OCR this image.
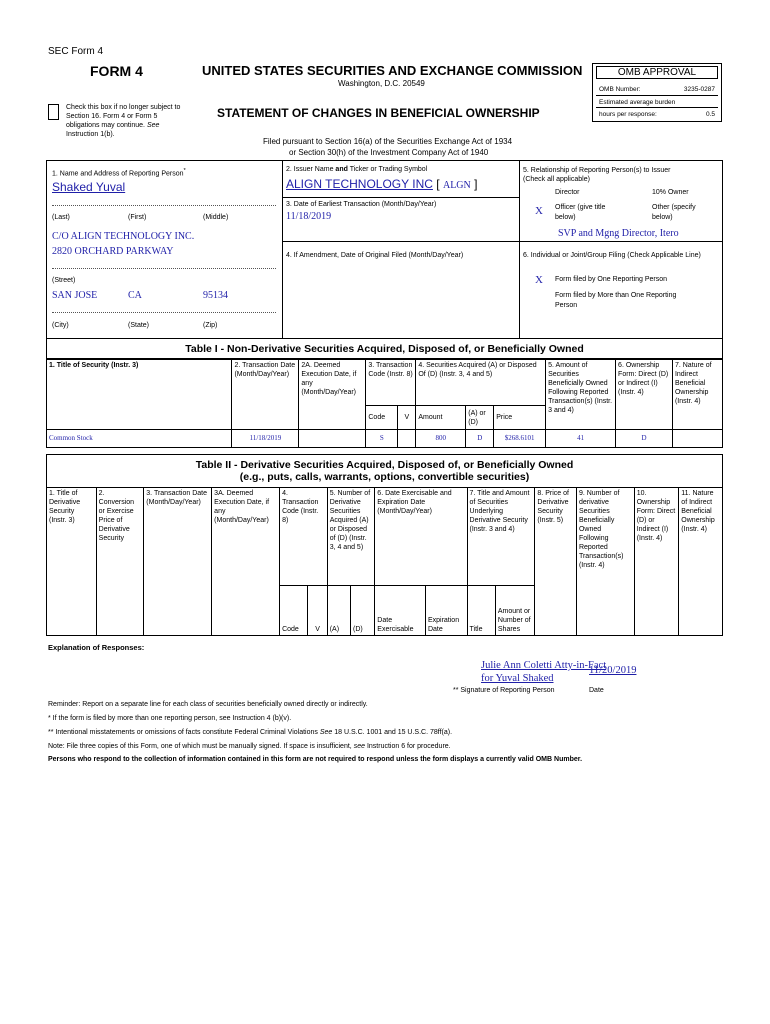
SEC Form 4
FORM 4	UNITED STATES SECURITIES AND EXCHANGE COMMISSION
Washington, D.C. 20549
Check this box if no longer subject to
Section 16. Form 4 or Form 5
obligations may continue. See
Instruction 1(b).
STATEMENT OF CHANGES IN BENEFICIAL OWNERSHIP
Filed pursuant to Section 16(a) of the Securities Exchange Act of 1934
or Section 30(h) of the Investment Company Act of 1940
OMB APPROVAL
OMB Number:	3235-0287
Estimated average burden
hours per response:	0.5
1. Name and Address of Reporting Person*
Shaked Yuval
(Last)	(First)	(Middle)
C/O ALIGN TECHNOLOGY INC.
2820 ORCHARD PARKWAY
(Street)
SAN JOSE	CA	95134
(City)	(State)	(Zip)
2. Issuer Name and Ticker or Trading Symbol
ALIGN TECHNOLOGY INC [ ALGN ]
3. Date of Earliest Transaction (Month/Day/Year)
11/18/2019
4. If Amendment, Date of Original Filed (Month/Day/Year)
5. Relationship of Reporting Person(s) to Issuer
(Check all applicable)
Director	10% Owner
X Officer (give title
below)
Other (specify
below)
SVP and Mgng Director, Itero
6. Individual or Joint/Group Filing (Check Applicable Line)
X Form filed by One Reporting Person
Form filed by More than One Reporting
Person
Table I - Non-Derivative Securities Acquired, Disposed of, or Beneficially Owned
1. Title of Security (Instr. 3)	2. Transaction Date (Month/Day/Year)	2A. Deemed Execution Date, if any (Month/Day/Year)	3. Transaction Code (Instr. 8)		4. Securities Acquired (A) or Disposed Of (D) (Instr. 3, 4 and 5)			5. Amount of Securities Beneficially Owned Following Reported Transaction(s) (Instr. 3 and 4)	6. Ownership Form: Direct (D) or Indirect (I) (Instr. 4)	7. Nature of Indirect Beneficial Ownership (Instr. 4)
			Code	V	Amount	(A) or (D)	Price			
Common Stock	11/18/2019		S		800	D	$268.6101	41	D	
Table II - Derivative Securities Acquired, Disposed of, or Beneficially Owned
(e.g., puts, calls, warrants, options, convertible securities)
1. Title of Derivative Security (Instr. 3)	2. Conversion or Exercise Price of Derivative Security	3. Transaction Date (Month/Day/Year)	3A. Deemed Execution Date, if any (Month/Day/Year)	4. Transaction Code (Instr. 8)		5. Number of Derivative Securities Acquired (A) or Disposed of (D) (Instr. 3, 4 and 5)		6. Date Exercisable and Expiration Date (Month/Day/Year)		7. Title and Amount of Securities Underlying Derivative Security (Instr. 3 and 4)		8. Price of Derivative Security (Instr. 5)	9. Number of derivative Securities Beneficially Owned Following Reported Transaction(s) (Instr. 4)	10. Ownership Form: Direct (D) or Indirect (I) (Instr. 4)	11. Nature of Indirect Beneficial Ownership (Instr. 4)
				Code	V	(A)	(D)	Date Exercisable	Expiration Date	Title	Amount or Number of Shares				
Explanation of Responses:
Julie Ann Coletti Atty-in-Fact
for Yuval Shaked
11/20/2019
** Signature of Reporting Person	Date
Reminder: Report on a separate line for each class of securities beneficially owned directly or indirectly.
* If the form is filed by more than one reporting person, see Instruction 4 (b)(v).
** Intentional misstatements or omissions of facts constitute Federal Criminal Violations See 18 U.S.C. 1001 and 15 U.S.C. 78ff(a).
Note: File three copies of this Form, one of which must be manually signed. If space is insufficient, see Instruction 6 for procedure.
Persons who respond to the collection of information contained in this form are not required to respond unless the form displays a currently valid OMB Number.
